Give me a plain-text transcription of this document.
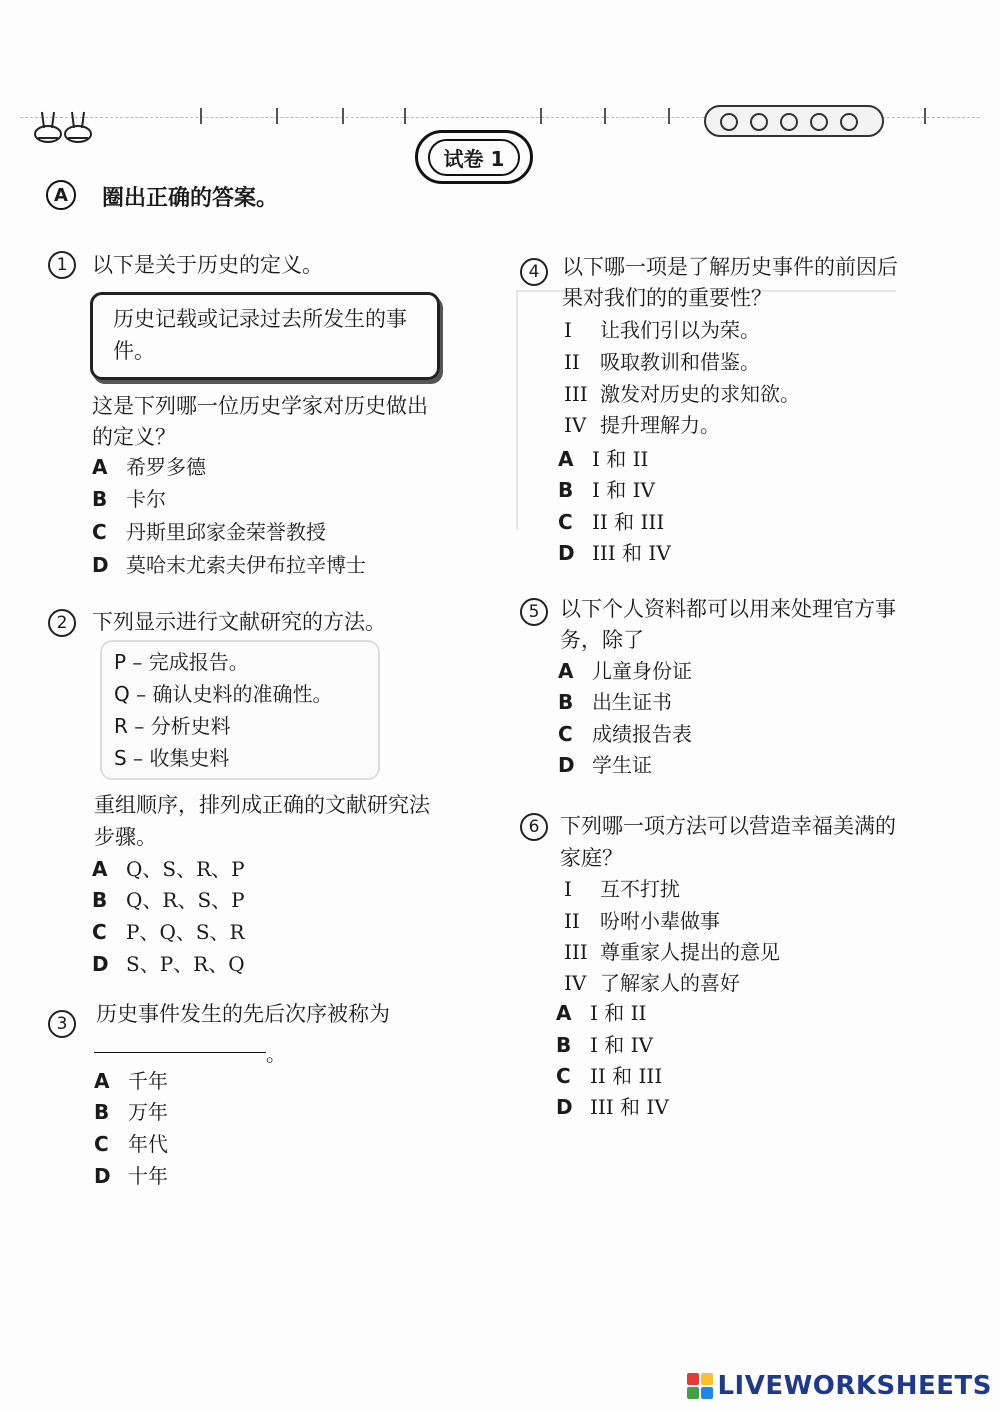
试卷 1
A	圈出正确的答案。
1	以下是关于历史的定义。
历史记载或记录过去所发生的事件。
这是下列哪一位历史学家对历史做出
的定义？
A 希罗多德
B 卡尔
C 丹斯里邱家金荣誉教授
D 莫哈末尤索夫伊布拉辛博士
2	下列显示进行文献研究的方法。
P – 完成报告。
Q – 确认史料的准确性。
R – 分析史料
S – 收集史料
重组顺序，排列成正确的文献研究法
步骤。
A Q、S、R、P
B Q、R、S、P
C P、Q、S、R
D S、P、R、Q
3	历史事件发生的先后次序被称为
。
A 千年
B 万年
C 年代
D 十年
4	以下哪一项是了解历史事件的前因后
果对我们的的重要性？
I 让我们引以为荣。
II 吸取教训和借鉴。
III 激发对历史的求知欲。
IV 提升理解力。
A I 和 II
B I 和 IV
C II 和 III
D III 和 IV
5 以下个人资料都可以用来处理官方事
务，除了
A 儿童身份证
B 出生证书
C 成绩报告表
D 学生证
6 下列哪一项方法可以营造幸福美满的
家庭？
I 互不打扰
II 吩咐小辈做事
III 尊重家人提出的意见
IV 了解家人的喜好
A I 和 II
B I 和 IV
C II 和 III
D III 和 IV
LIVEWORKSHEETS
